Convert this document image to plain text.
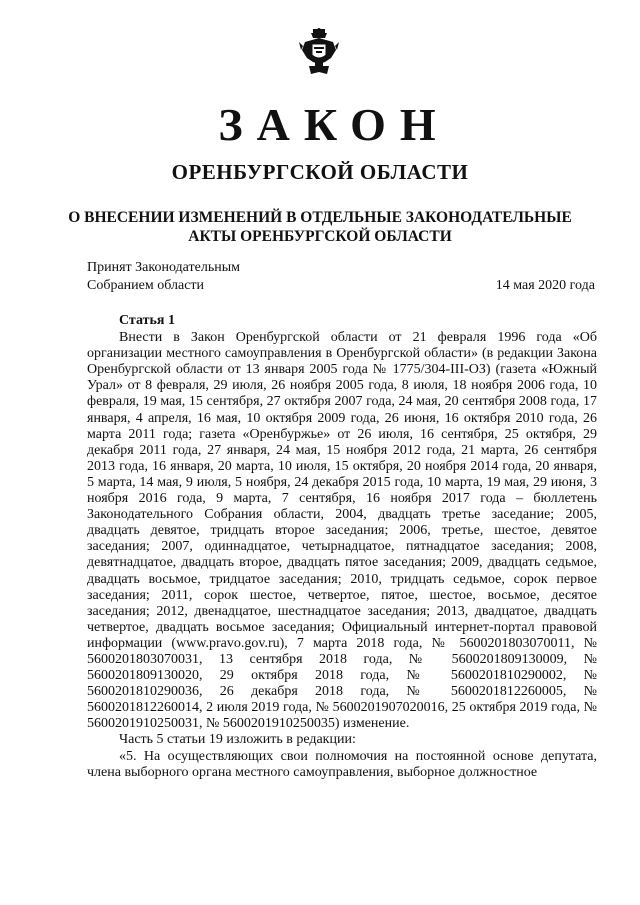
ЗАКОН
ОРЕНБУРГСКОЙ ОБЛАСТИ
О ВНЕСЕНИИ ИЗМЕНЕНИЙ В ОТДЕЛЬНЫЕ ЗАКОНОДАТЕЛЬНЫЕ
АКТЫ ОРЕНБУРГСКОЙ ОБЛАСТИ
Принят Законодательным
Собранием области	14 мая 2020 года

Статья 1

Внести в Закон Оренбургской области от 21 февраля 1996 года «Об организации местного самоуправления в Оренбургской области» (в редакции Закона Оренбургской области от 13 января 2005 года № 1775/304-III-ОЗ) (газета «Южный Урал» от 8 февраля, 29 июля, 26 ноября 2005 года, 8 июля, 18 ноября 2006 года, 10 февраля, 19 мая, 15 сентября, 27 октября 2007 года, 24 мая, 20 сентября 2008 года, 17 января, 4 апреля, 16 мая, 10 октября 2009 года, 26 июня, 16 октября 2010 года, 26 марта 2011 года; газета «Оренбуржье» от 26 июля, 16 сентября, 25 октября, 29 декабря 2011 года, 27 января, 24 мая, 15 ноября 2012 года, 21 марта, 26 сентября 2013 года, 16 января, 20 марта, 10 июля, 15 октября, 20 ноября 2014 года, 20 января, 5 марта, 14 мая, 9 июля, 5 ноября, 24 декабря 2015 года, 10 марта, 19 мая, 29 июня, 3 ноября 2016 года, 9 марта, 7 сентября, 16 ноября 2017 года – бюллетень Законодательного Собрания области, 2004, двадцать третье заседание; 2005, двадцать девятое, тридцать второе заседания; 2006, третье, шестое, девятое заседания; 2007, одиннадцатое, четырнадцатое, пятнадцатое заседания; 2008, девятнадцатое, двадцать второе, двадцать пятое заседания; 2009, двадцать седьмое, двадцать восьмое, тридцатое заседания; 2010, тридцать седьмое, сорок первое заседания; 2011, сорок шестое, четвертое, пятое, шестое, восьмое, десятое заседания; 2012, двенадцатое, шестнадцатое заседания; 2013, двадцатое, двадцать четвертое, двадцать восьмое заседания; Официальный интернет-портал правовой информации (www.pravo.gov.ru), 7 марта 2018 года, № 5600201803070011, № 5600201803070031, 13 сентября 2018 года, № 5600201809130009, № 5600201809130020, 29 октября 2018 года, № 5600201810290002, № 5600201810290036, 26 декабря 2018 года, № 5600201812260005, № 5600201812260014, 2 июля 2019 года, № 5600201907020016, 25 октября 2019 года, № 5600201910250031, № 5600201910250035) изменение.

Часть 5 статьи 19 изложить в редакции:

«5. На осуществляющих свои полномочия на постоянной основе депутата, члена выборного органа местного самоуправления, выборное должностное
